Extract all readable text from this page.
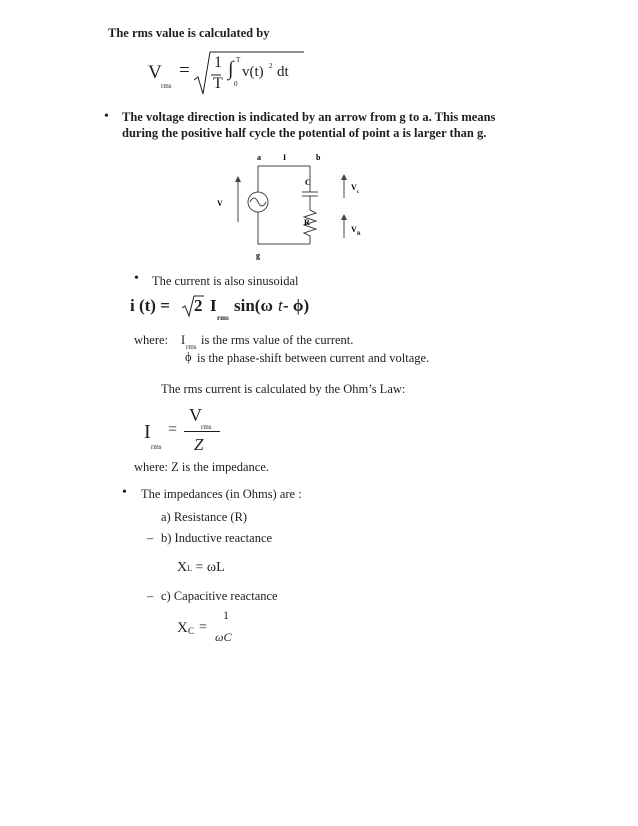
The rms value is calculated by
V
rms
= 1
T
∫ T
0
v(t) 2 dt
• The voltage direction is indicated by an arrow from g to a. This means
during the positive half cycle the potential of point a is larger than g.
a	I	b
V
C
R
g
V
c
V
R
• The current is also sinusoidal
i (t) = 2 I
rms
sin(ω t - ϕ)
where: I rms is the rms value of the current.
ϕ is the phase-shift between current and voltage.
The rms current is calculated by the Ohm’s Law:
I
rms
=
V
rms
Z
where: Z is the impedance.
• The impedances (in Ohms) are :
a) Resistance (R)
– b) Inductive reactance
XL = ωL
– c) Capacitive reactance
X C =
1
ωC
